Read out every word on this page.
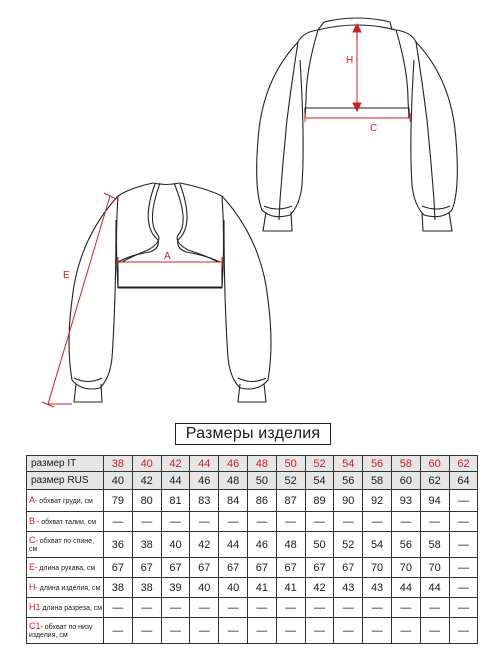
H
C
A
E
Размеры изделия
размер IT	38	40	42	44	46	48	50	52	54	56	58	60	62
размер RUS	40	42	44	46	48	50	52	54	56	58	60	62	64
A- обхват груди, см	79	80	81	83	84	86	87	89	90	92	93	94	—
B - обхват талии, см	—	—	—	—	—	—	—	—	—	—	—	—	—
C- обхват по спине, см	36	38	40	42	44	46	48	50	52	54	56	58	—
E- длина рукава, см	67	67	67	67	67	67	67	67	67	70	70	70	—
H- длина изделия, см	38	38	39	40	40	41	41	42	43	43	44	44	—
H1 длина разреза, см	—	—	—	—	—	—	—	—	—	—	—	—	—
C1- обхват по низу изделия, см	—	—	—	—	—	—	—	—	—	—	—	—	—
